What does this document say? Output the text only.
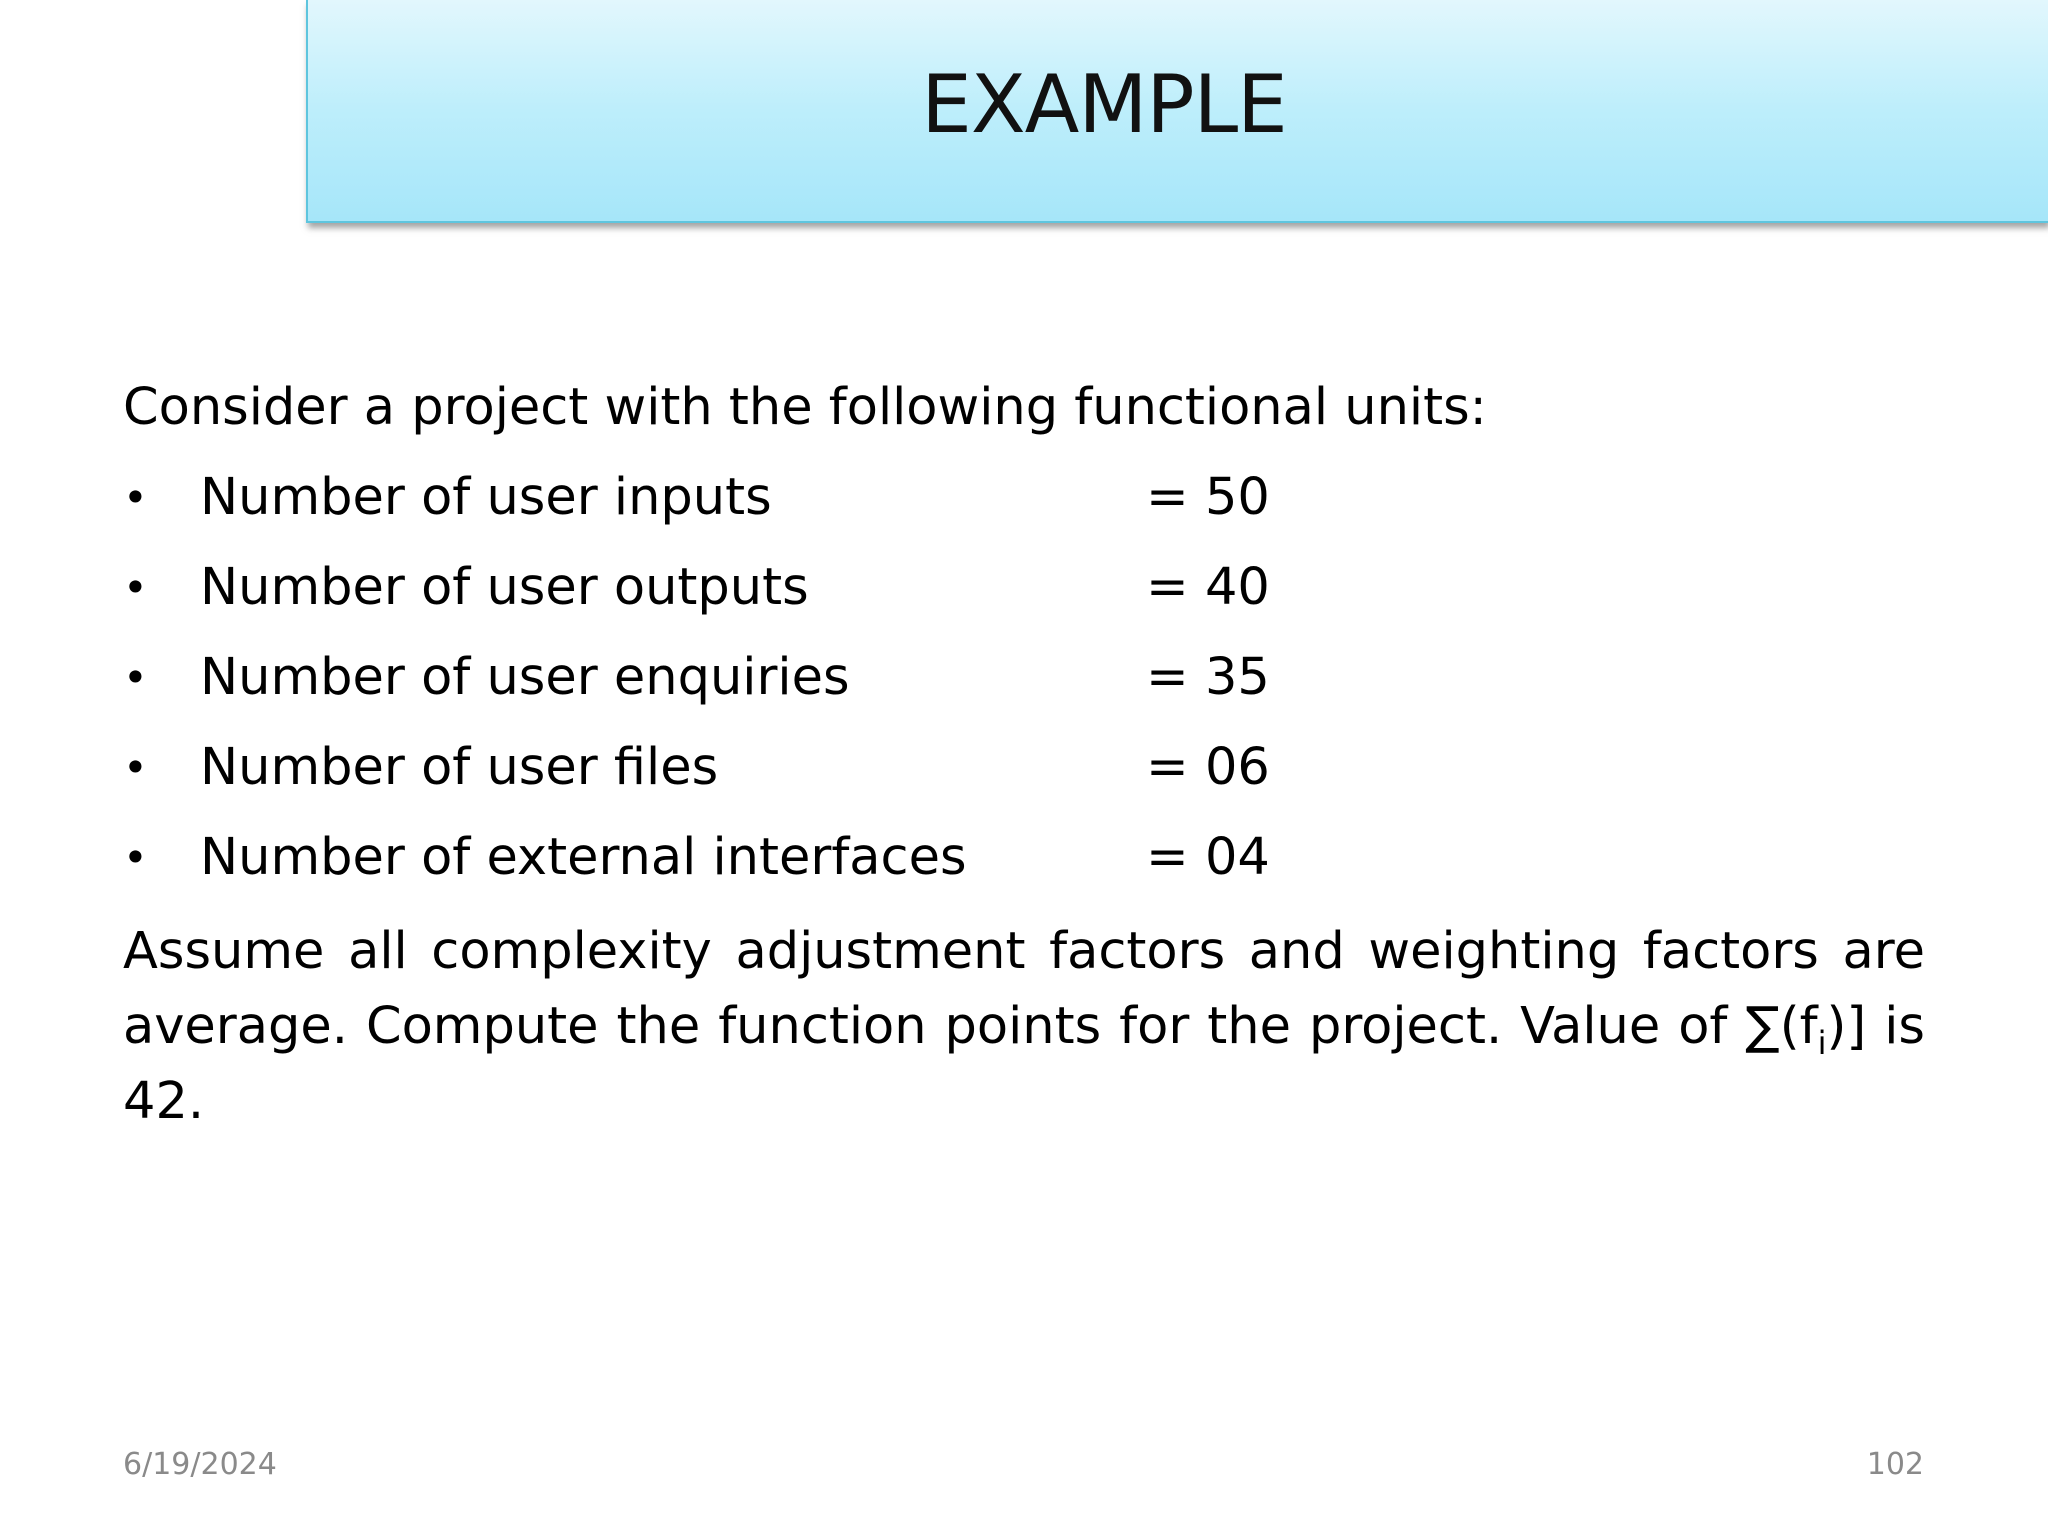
EXAMPLE
Consider a project with the following functional units:
• Number of user inputs	= 50
• Number of user outputs	= 40
• Number of user enquiries	= 35
• Number of user files	= 06
• Number of external interfaces	= 04

Assume all complexity adjustment factors and weighting factors are average. Compute the function points for the project. Value of $\sum(f_i)$] is 42.

6/19/2024	102
